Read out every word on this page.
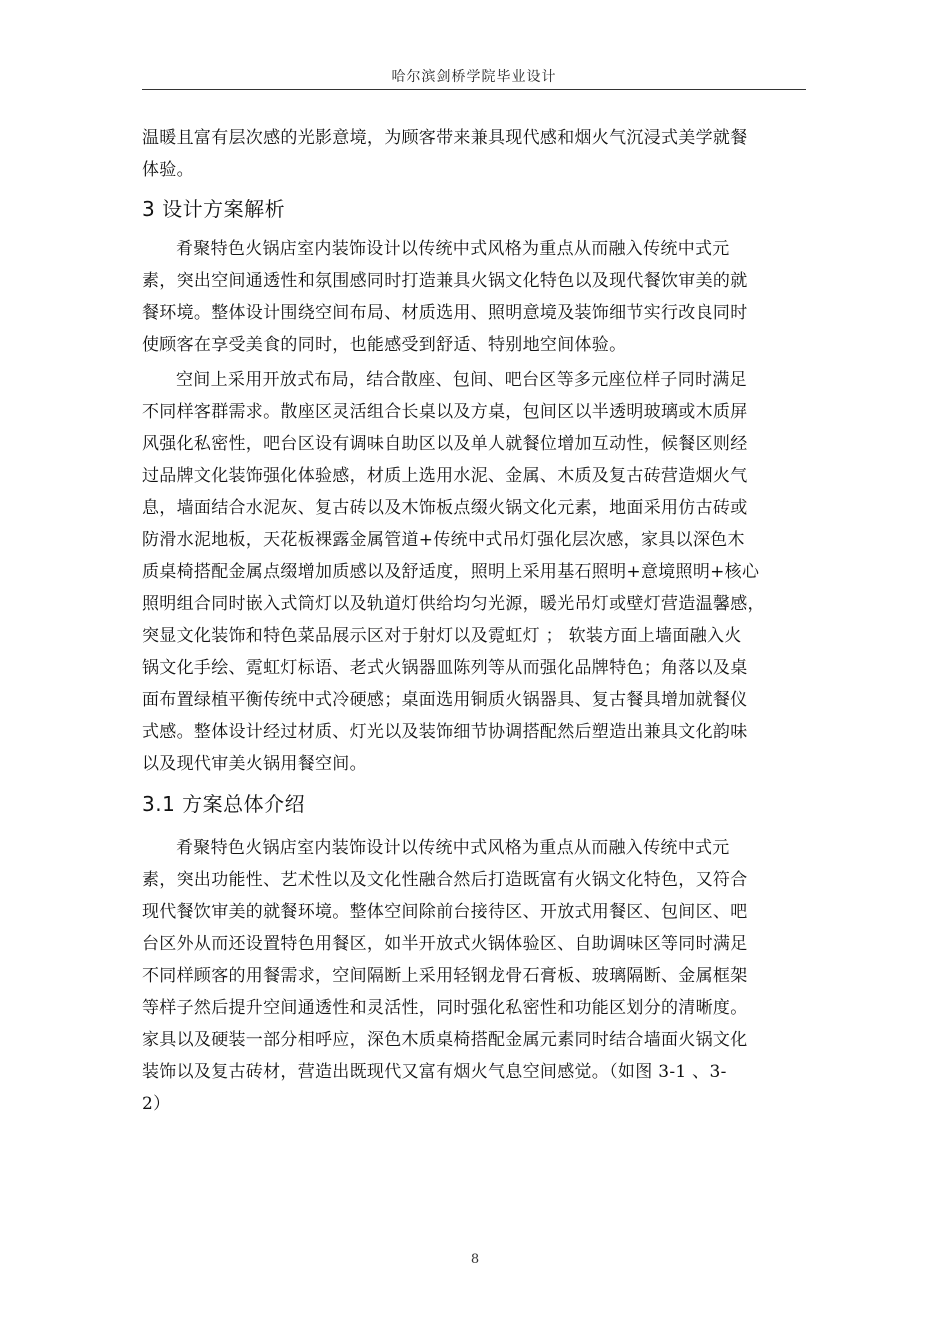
哈尔滨剑桥学院毕业设计
温暖且富有层次感的光影意境，为顾客带来兼具现代感和烟火气沉浸式美学就餐
体验。
3 设计方案解析
肴聚特色火锅店室内装饰设计以传统中式风格为重点从而融入传统中式元
素，突出空间通透性和氛围感同时打造兼具火锅文化特色以及现代餐饮审美的就
餐环境。整体设计围绕空间布局、材质选用、照明意境及装饰细节实行改良同时
使顾客在享受美食的同时，也能感受到舒适、特别地空间体验。
空间上采用开放式布局，结合散座、包间、吧台区等多元座位样子同时满足
不同样客群需求。散座区灵活组合长桌以及方桌，包间区以半透明玻璃或木质屏
风强化私密性，吧台区设有调味自助区以及单人就餐位增加互动性，候餐区则经
过品牌文化装饰强化体验感，材质上选用水泥、金属、木质及复古砖营造烟火气
息，墙面结合水泥灰、复古砖以及木饰板点缀火锅文化元素，地面采用仿古砖或
防滑水泥地板，天花板裸露金属管道+传统中式吊灯强化层次感，家具以深色木
质桌椅搭配金属点缀增加质感以及舒适度，照明上采用基石照明+意境照明+核心
照明组合同时嵌入式筒灯以及轨道灯供给均匀光源，暖光吊灯或壁灯营造温馨感，
突显文化装饰和特色菜品展示区对于射灯以及霓虹灯 ； 软装方面上墙面融入火
锅文化手绘、霓虹灯标语、老式火锅器皿陈列等从而强化品牌特色；角落以及桌
面布置绿植平衡传统中式冷硬感；桌面选用铜质火锅器具、复古餐具增加就餐仪
式感。整体设计经过材质、灯光以及装饰细节协调搭配然后塑造出兼具文化韵味
以及现代审美火锅用餐空间。
3.1 方案总体介绍
肴聚特色火锅店室内装饰设计以传统中式风格为重点从而融入传统中式元
素，突出功能性、艺术性以及文化性融合然后打造既富有火锅文化特色，又符合
现代餐饮审美的就餐环境。整体空间除前台接待区、开放式用餐区、包间区、吧
台区外从而还设置特色用餐区，如半开放式火锅体验区、自助调味区等同时满足
不同样顾客的用餐需求，空间隔断上采用轻钢龙骨石膏板、玻璃隔断、金属框架
等样子然后提升空间通透性和灵活性，同时强化私密性和功能区划分的清晰度。
家具以及硬装一部分相呼应，深色木质桌椅搭配金属元素同时结合墙面火锅文化
装饰以及复古砖材，营造出既现代又富有烟火气息空间感觉。（如图 3-1 、3-
2）
8
